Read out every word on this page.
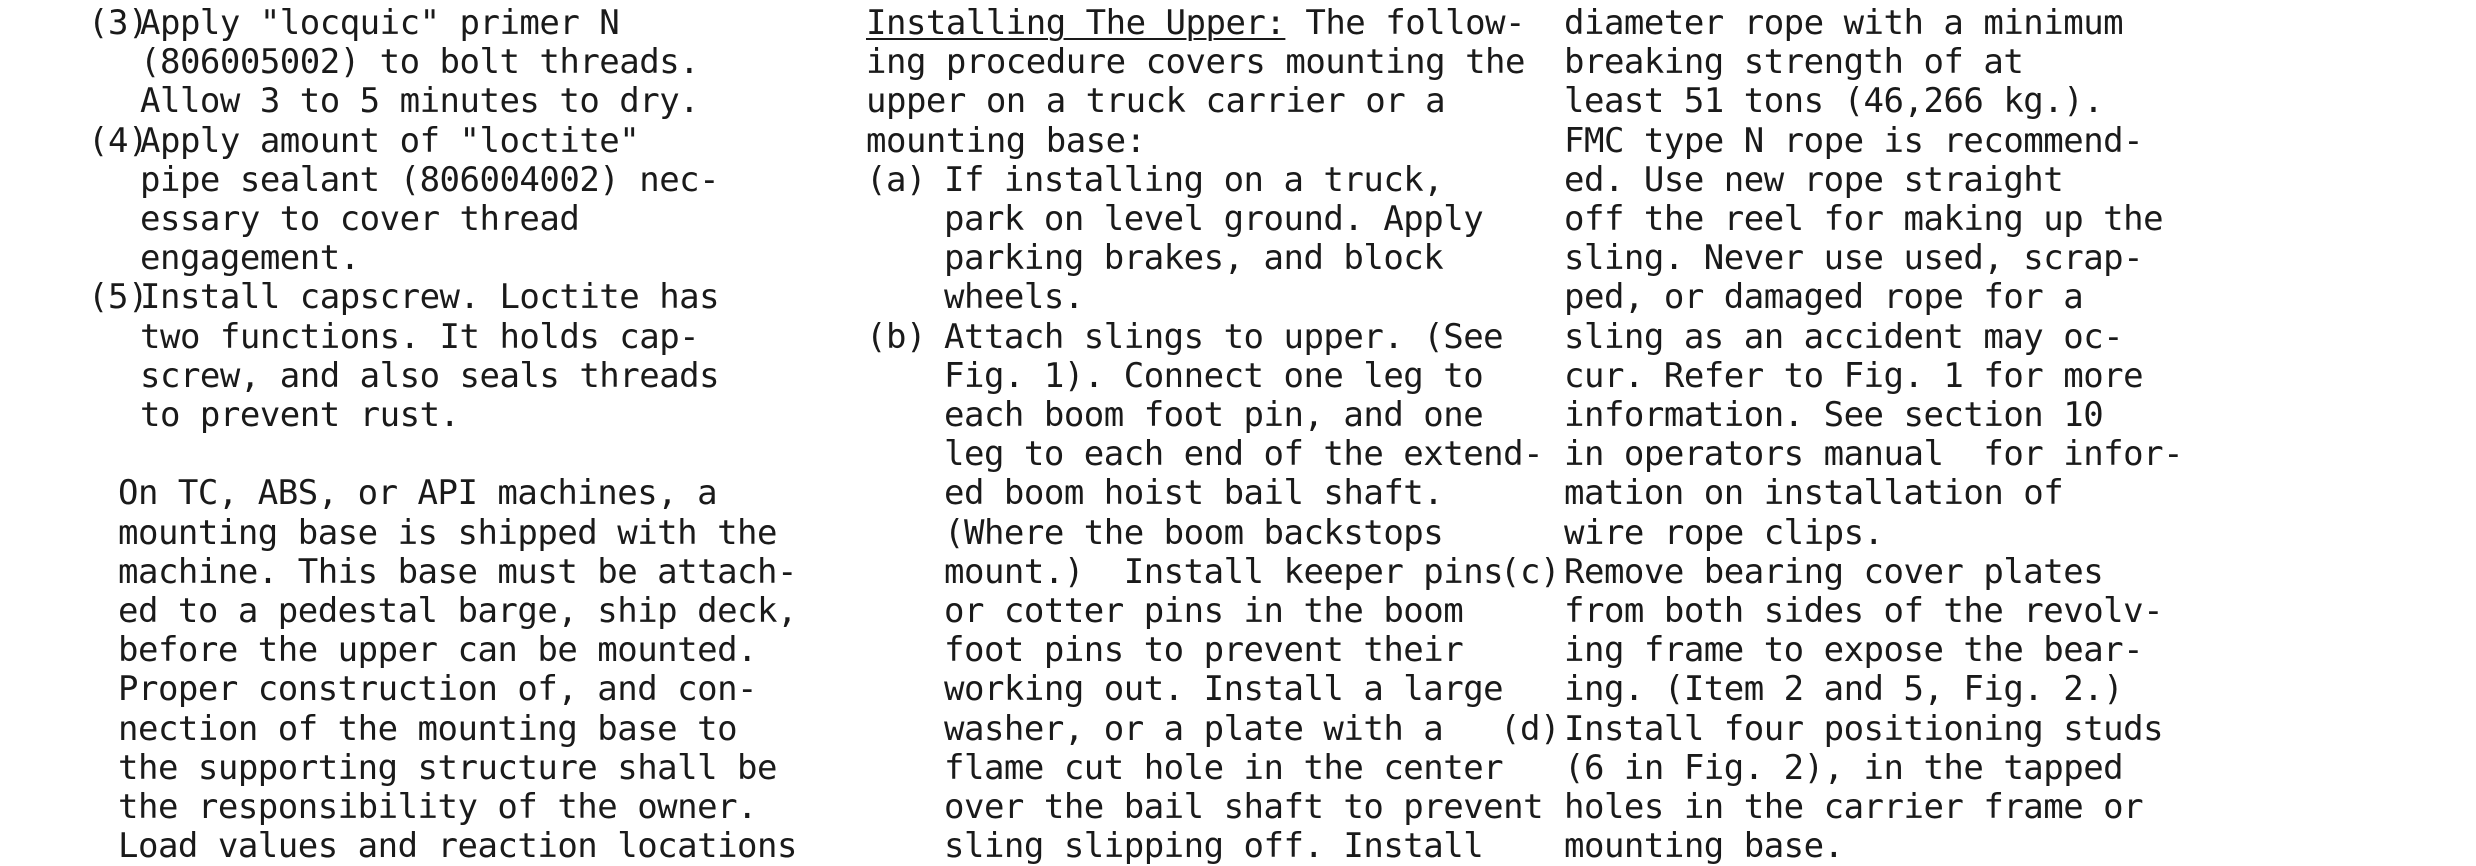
(3)
Apply "locquic" primer N
(806005002) to bolt threads.
Allow 3 to 5 minutes to dry.
(4)
Apply amount of "loctite"
pipe sealant (806004002) nec-
essary to cover thread
engagement.
(5)
Install capscrew. Loctite has
two functions. It holds cap-
screw, and also seals threads
to prevent rust.
On TC, ABS, or API machines, a
mounting base is shipped with the
machine. This base must be attach-
ed to a pedestal barge, ship deck,
before the upper can be mounted.
Proper construction of, and con-
nection of the mounting base to
the supporting structure shall be
the responsibility of the owner.
Load values and reaction locations
Installing The Upper: The follow-
ing procedure covers mounting the
upper on a truck carrier or a
mounting base:
(a) If installing on a truck,
park on level ground. Apply
parking brakes, and block
wheels.
(b) Attach slings to upper. (See
Fig. 1). Connect one leg to
each boom foot pin, and one
leg to each end of the extend-
ed boom hoist bail shaft.
(Where the boom backstops
mount.)  Install keeper pins
or cotter pins in the boom
foot pins to prevent their
working out. Install a large
washer, or a plate with a
flame cut hole in the center
over the bail shaft to prevent
sling slipping off. Install
diameter rope with a minimum
breaking strength of at
least 51 tons (46,266 kg.).
FMC type N rope is recommend-
ed. Use new rope straight
off the reel for making up the
sling. Never use used, scrap-
ped, or damaged rope for a
sling as an accident may oc-
cur. Refer to Fig. 1 for more
information. See section 10
in operators manual  for infor-
mation on installation of
wire rope clips.
(c) Remove bearing cover plates
from both sides of the revolv-
ing frame to expose the bear-
ing. (Item 2 and 5, Fig. 2.)
(d) Install four positioning studs
(6 in Fig. 2), in the tapped
holes in the carrier frame or
mounting base.
